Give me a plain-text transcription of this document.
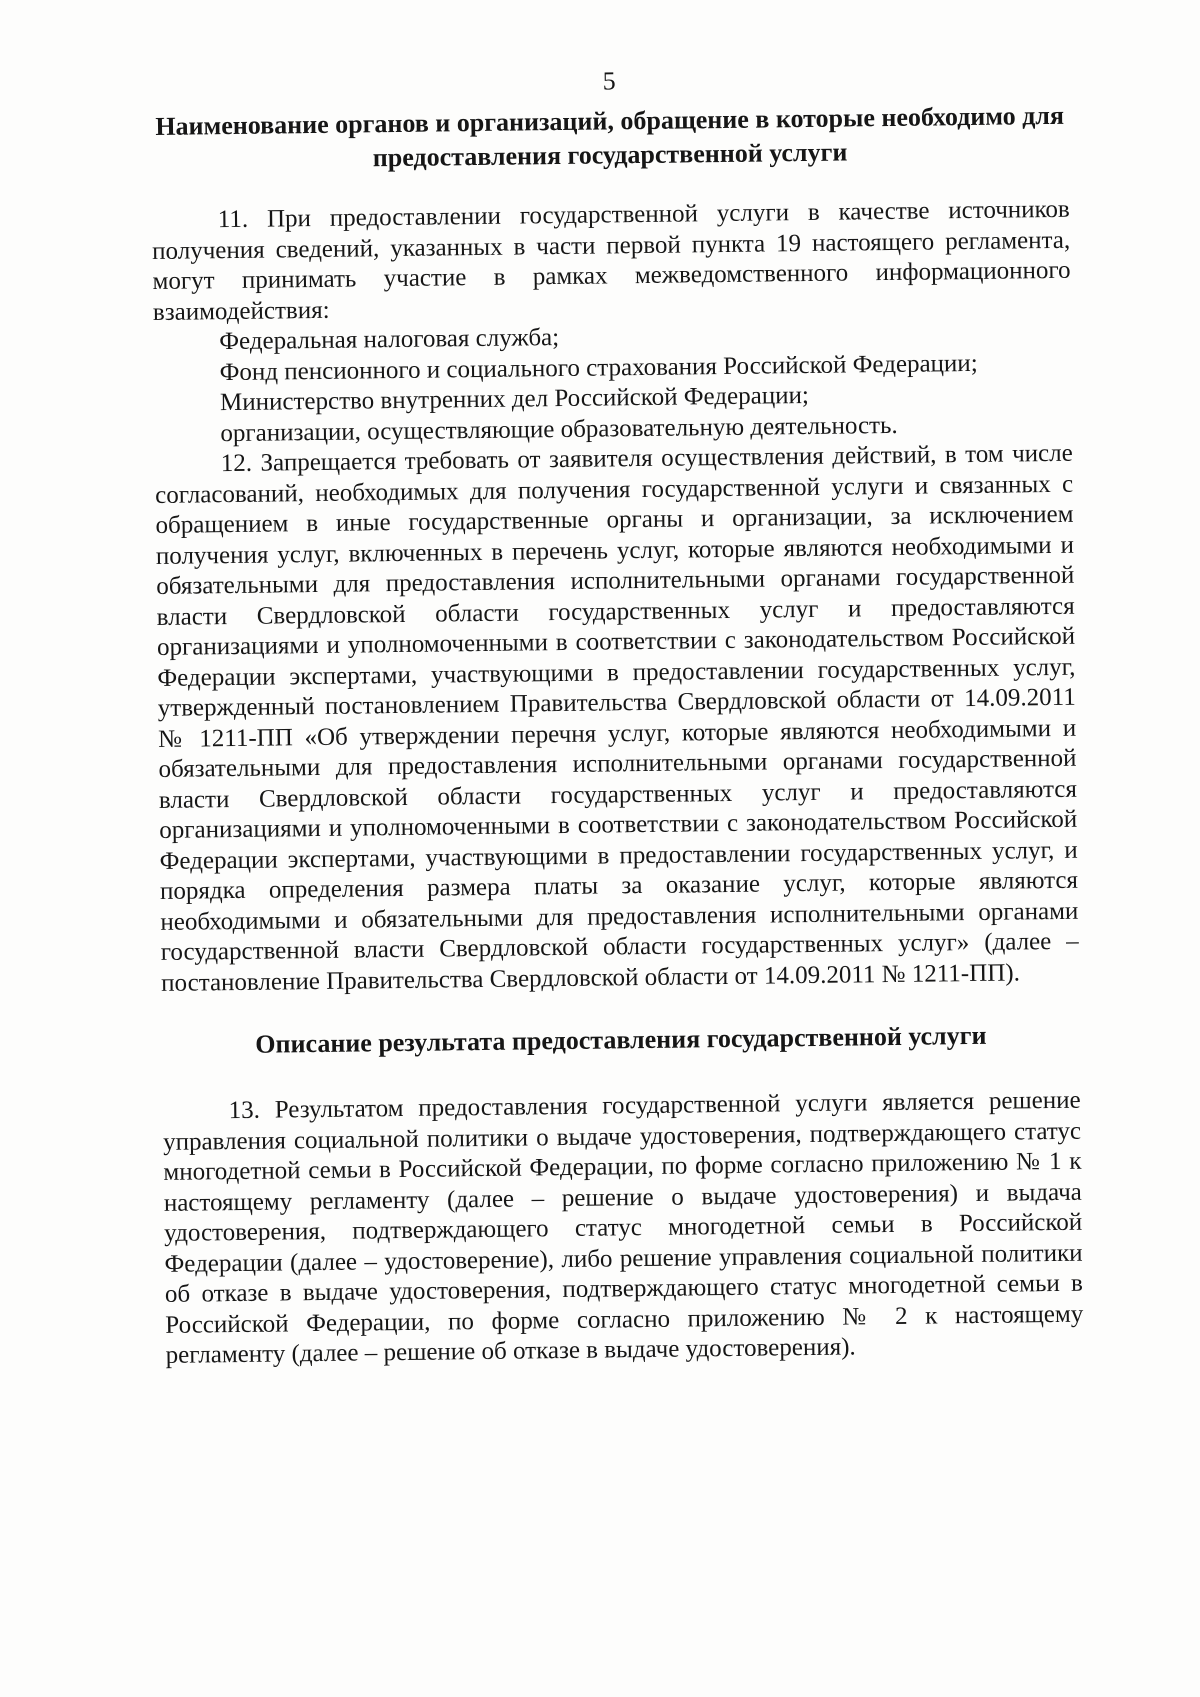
5

Наименование органов и организаций, обращение в которые необходимо для предоставления государственной услуги

11. При предоставлении государственной услуги в качестве источников получения сведений, указанных в части первой пункта 19 настоящего регламента, могут принимать участие в рамках межведомственного информационного взаимодействия:

Федеральная налоговая служба;
Фонд пенсионного и социального страхования Российской Федерации;
Министерство внутренних дел Российской Федерации;
организации, осуществляющие образовательную деятельность.

12. Запрещается требовать от заявителя осуществления действий, в том числе согласований, необходимых для получения государственной услуги и связанных с обращением в иные государственные органы и организации, за исключением получения услуг, включенных в перечень услуг, которые являются необходимыми и обязательными для предоставления исполнительными органами государственной власти Свердловской области государственных услуг и предоставляются организациями и уполномоченными в соответствии с законодательством Российской Федерации экспертами, участвующими в предоставлении государственных услуг, утвержденный постановлением Правительства Свердловской области от 14.09.2011 № 1211-ПП «Об утверждении перечня услуг, которые являются необходимыми и обязательными для предоставления исполнительными органами государственной власти Свердловской области государственных услуг и предоставляются организациями и уполномоченными в соответствии с законодательством Российской Федерации экспертами, участвующими в предоставлении государственных услуг, и порядка определения размера платы за оказание услуг, которые являются необходимыми и обязательными для предоставления исполнительными органами государственной власти Свердловской области государственных услуг» (далее – постановление Правительства Свердловской области от 14.09.2011 № 1211-ПП).

Описание результата предоставления государственной услуги

13. Результатом предоставления государственной услуги является решение управления социальной политики о выдаче удостоверения, подтверждающего статус многодетной семьи в Российской Федерации, по форме согласно приложению № 1 к настоящему регламенту (далее – решение о выдаче удостоверения) и выдача удостоверения, подтверждающего статус многодетной семьи в Российской Федерации (далее – удостоверение), либо решение управления социальной политики об отказе в выдаче удостоверения, подтверждающего статус многодетной семьи в Российской Федерации, по форме согласно приложению № 2 к настоящему регламенту (далее – решение об отказе в выдаче удостоверения).
